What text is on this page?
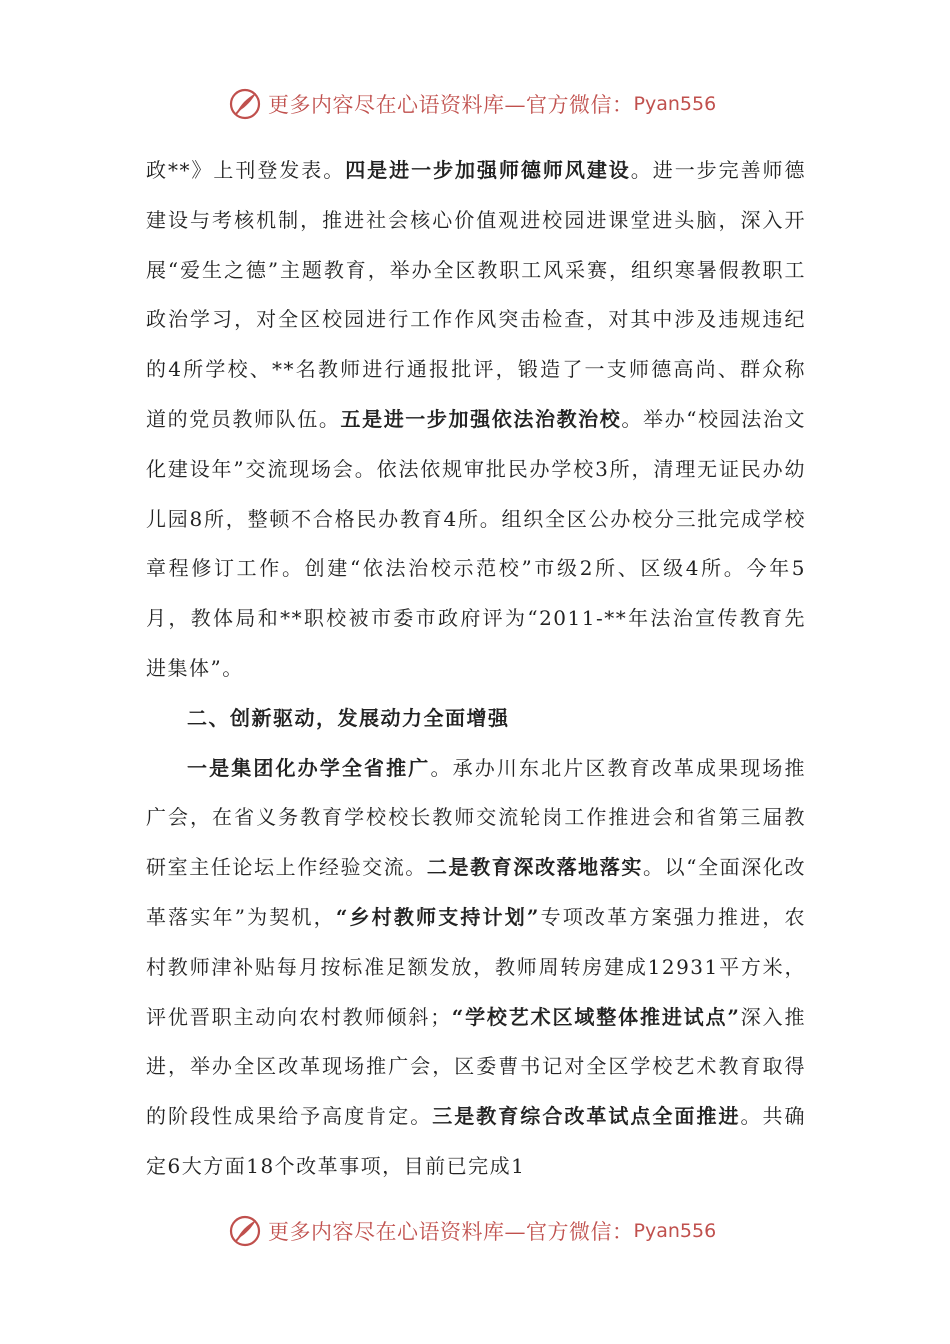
更多内容尽在心语资料库—官方微信： Pyan556

政**》上刊登发表。四是进一步加强师德师风建设。进一步完善师德建设与考核机制，推进社会核心价值观进校园进课堂进头脑，深入开展“爱生之德”主题教育，举办全区教职工风采赛，组织寒暑假教职工政治学习，对全区校园进行工作作风突击检查，对其中涉及违规违纪的4所学校、**名教师进行通报批评，锻造了一支师德高尚、群众称道的党员教师队伍。五是进一步加强依法治教治校。举办“校园法治文化建设年”交流现场会。依法依规审批民办学校3所，清理无证民办幼儿园8所，整顿不合格民办教育4所。组织全区公办校分三批完成学校章程修订工作。创建“依法治校示范校”市级2所、区级4所。今年5月，教体局和**职校被市委市政府评为“2011-**年法治宣传教育先进集体”。

二、创新驱动，发展动力全面增强

一是集团化办学全省推广。承办川东北片区教育改革成果现场推广会，在省义务教育学校校长教师交流轮岗工作推进会和省第三届教研室主任论坛上作经验交流。二是教育深改落地落实。以“全面深化改革落实年”为契机，“乡村教师支持计划”专项改革方案强力推进，农村教师津补贴每月按标准足额发放，教师周转房建成12931平方米，评优晋职主动向农村教师倾斜；“学校艺术区域整体推进试点”深入推进，举办全区改革现场推广会，区委曹书记对全区学校艺术教育取得的阶段性成果给予高度肯定。三是教育综合改革试点全面推进。共确定6大方面18个改革事项，目前已完成1

更多内容尽在心语资料库—官方微信： Pyan556
